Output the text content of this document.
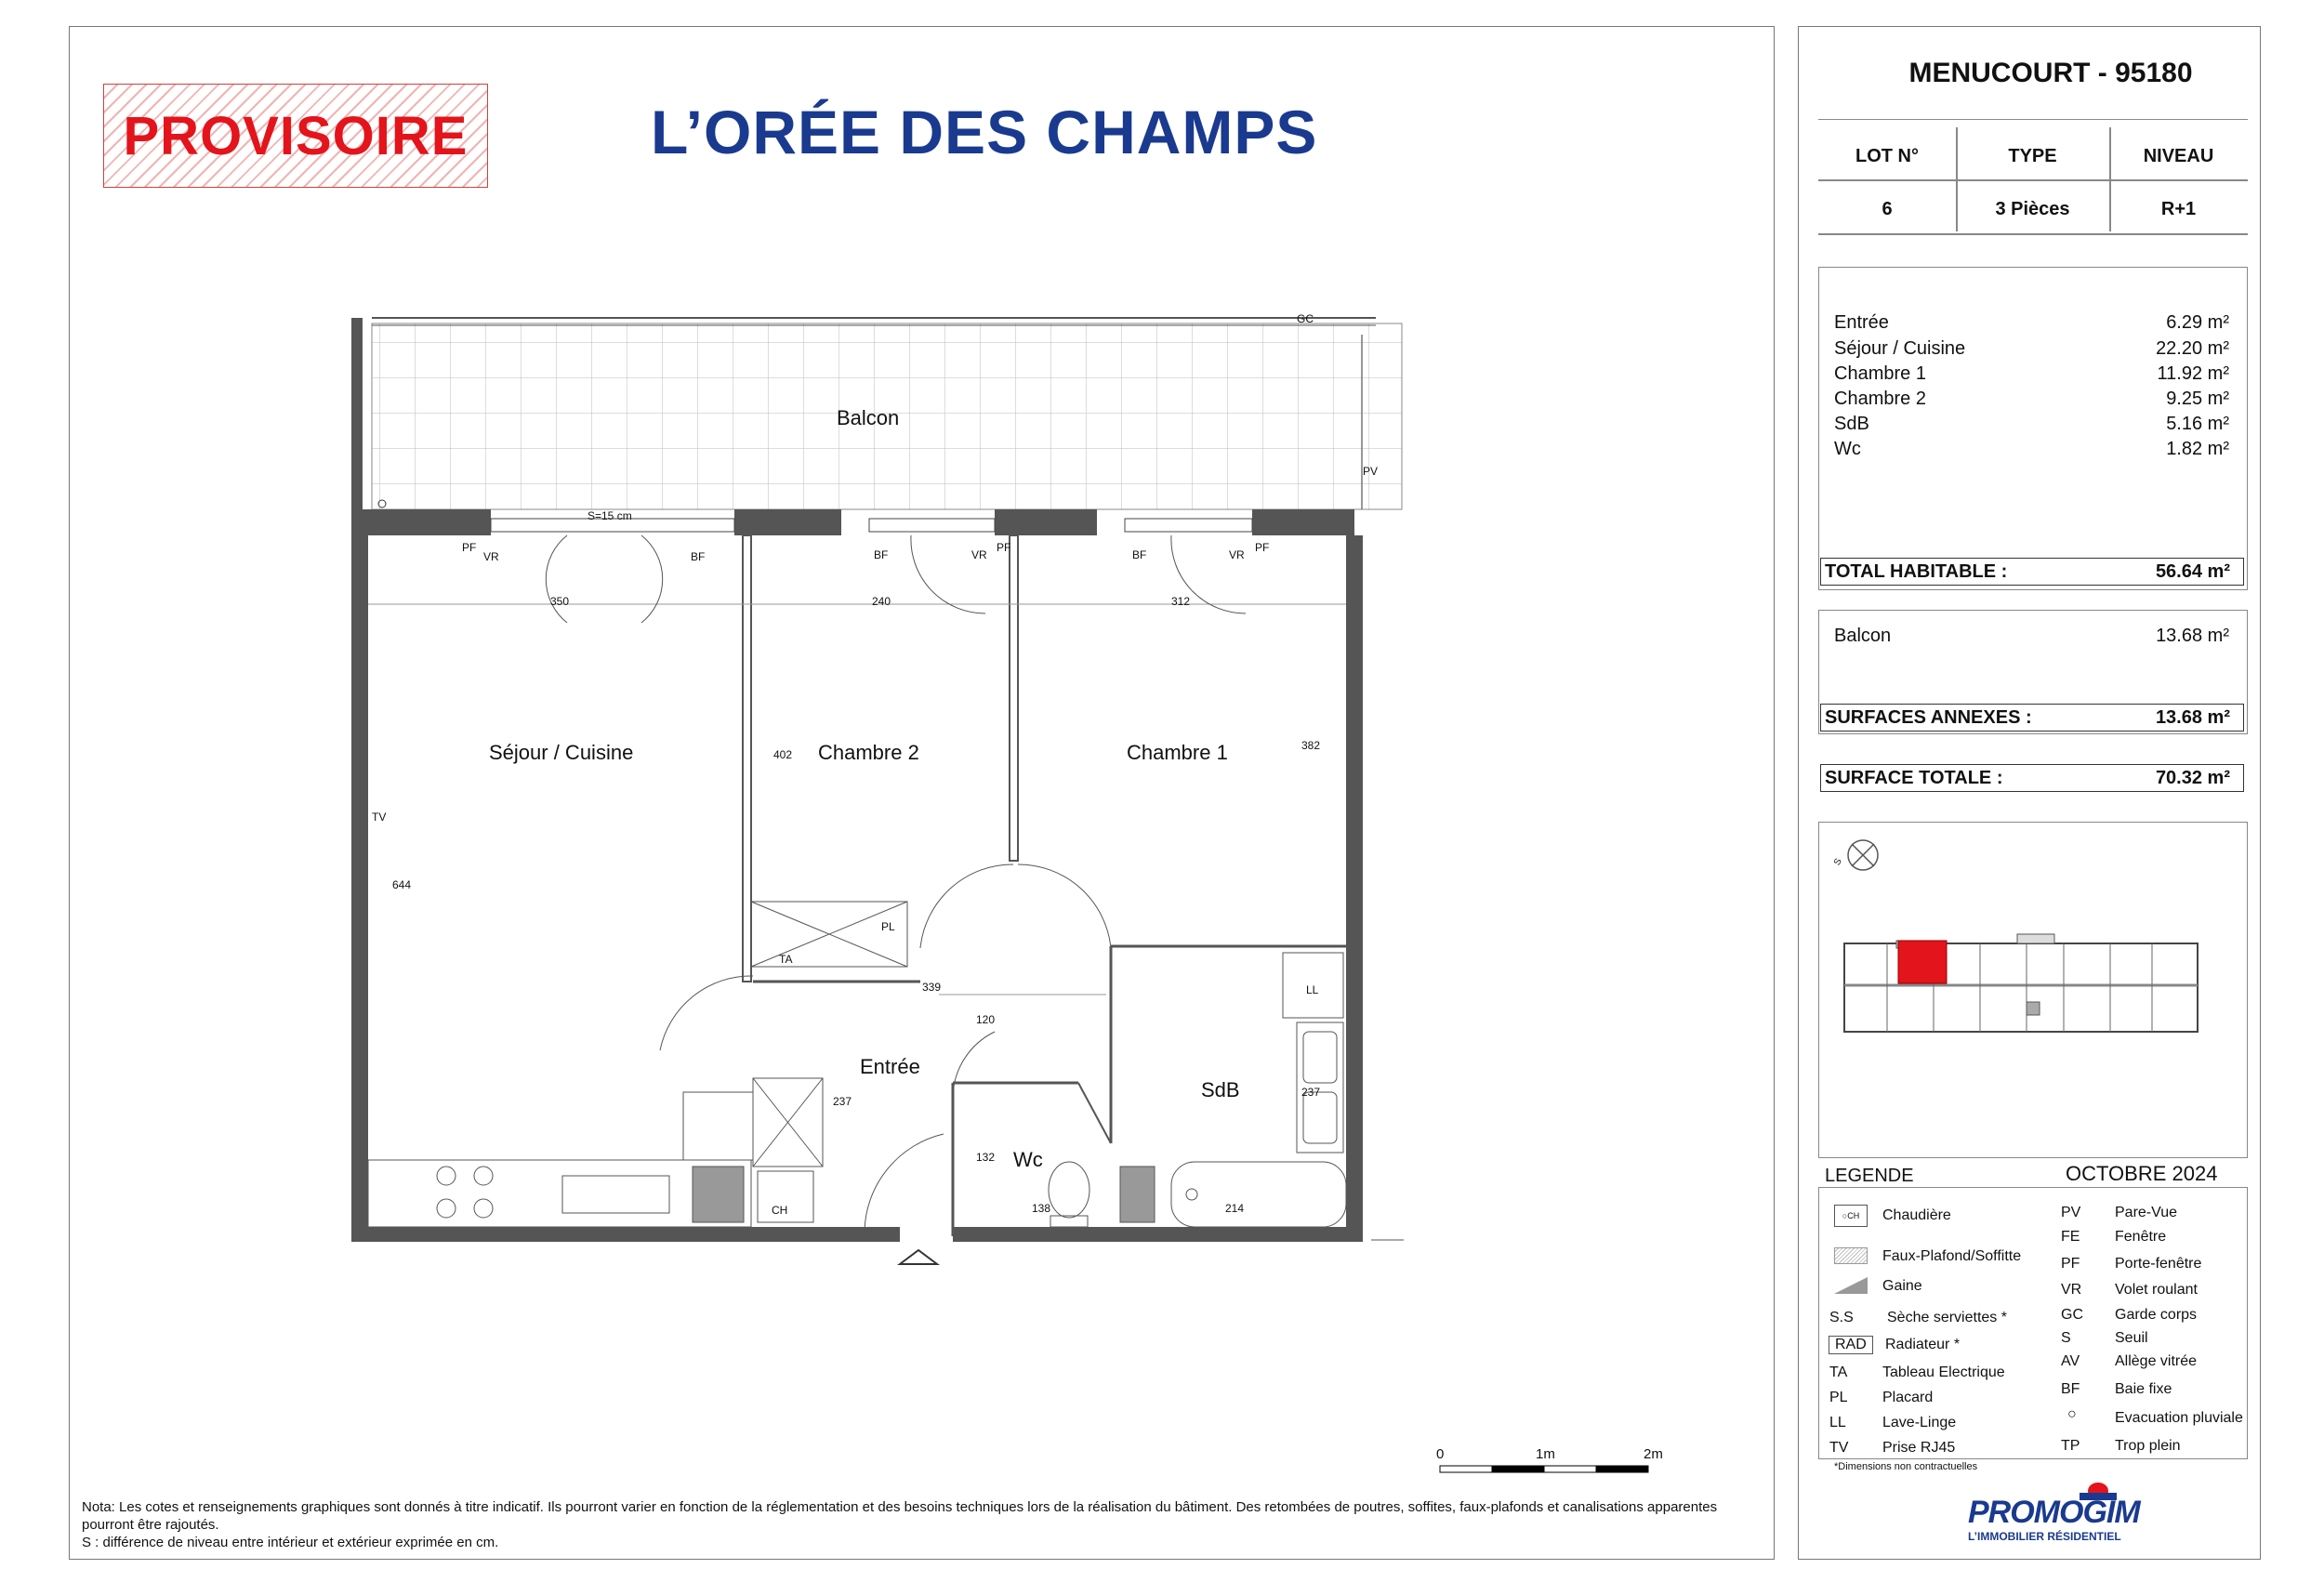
PROVISOIRE	L’ORÉE DES CHAMPS
Balcon
Séjour / Cuisine	Chambre 2	Chambre 1
Entrée
SdB
Wc
GC
PV
S=15 cm
PF
VR	BF	BF	VR
PF
BF	VR
PF
TV
PL
TA
LL
CH
350	240	312
402
382
644
339
120
237
237
132
138	214
0	1m	2m
Nota: Les cotes et renseignements graphiques sont donnés à titre indicatif. Ils pourront varier en fonction de la réglementation et des besoins techniques lors de la réalisation du bâtiment. Des retombées de poutres, soffites, faux-plafonds et canalisations apparentes pourront être rajoutés.
S : différence de niveau entre intérieur et extérieur exprimée en cm.
MENUCOURT - 95180
LOT N°	TYPE	NIVEAU
6	3 Pièces	R+1
Entrée	6.29 m²
Séjour / Cuisine	22.20 m²
Chambre 1	11.92 m²
Chambre 2	9.25 m²
SdB	5.16 m²
Wc	1.82 m²
TOTAL HABITABLE :	56.64 m²
Balcon	13.68 m²
SURFACES ANNEXES :	13.68 m²
SURFACE TOTALE :	70.32 m²
S
LEGENDE	OCTOBRE 2024
○CH	Chaudière
Faux-Plafond/Soffitte
Gaine
S.S Sèche serviettes *
RAD	Radiateur *
TA Tableau Electrique
PL Placard
LL Lave-Linge
TV Prise RJ45
PV Pare-Vue
FE Fenêtre
PF Porte-fenêtre
VR Volet roulant
GC Garde corps
S	Seuil
AV Allège vitrée
BF Baie fixe
○	Evacuation pluviale
TP Trop plein
*Dimensions non contractuelles
PROMOGIM
L’IMMOBILIER RÉSIDENTIEL
